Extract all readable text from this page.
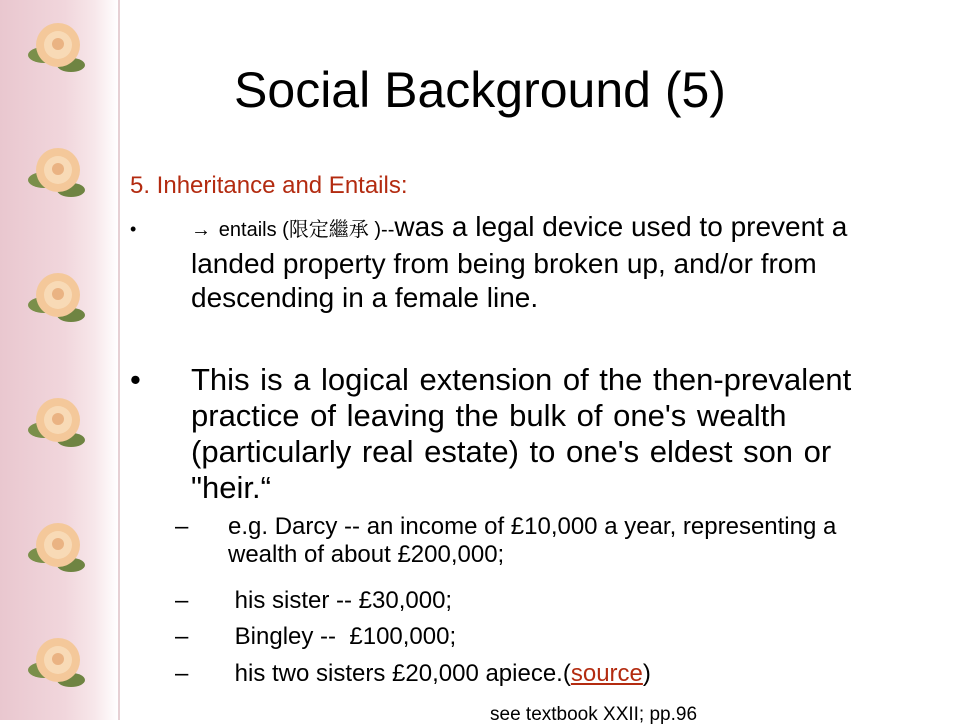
Social Background (5)
5. Inheritance and Entails:
•	→ entails (限定繼承 )--was a legal device used to prevent a landed property from being broken up, and/or from descending in a female line.
• This is a logical extension of the then-prevalent practice of leaving the bulk of one's wealth (particularly real estate) to one's eldest son or "heir.“
– e.g. Darcy -- an income of £10,000 a year, representing a wealth of about £200,000;
– his sister -- £30,000;
– Bingley --  £100,000;
– his two sisters £20,000 apiece.(source)
see textbook XXII; pp.96
